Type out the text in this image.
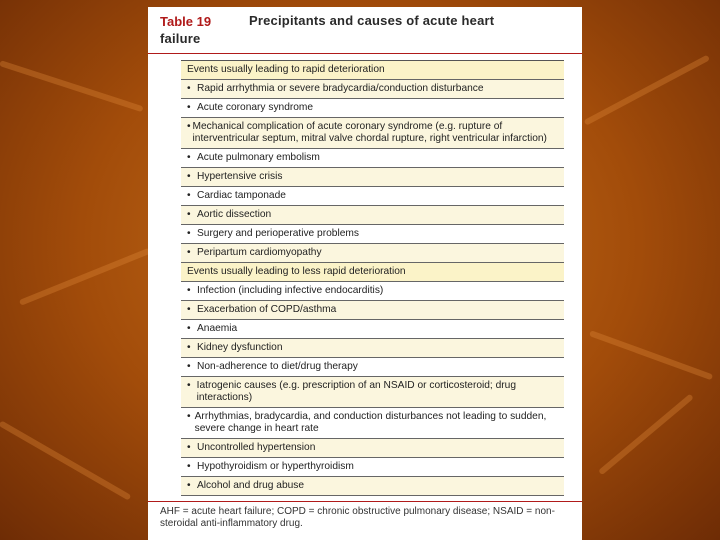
Table 19	Precipitants and causes of acute heart
failure
Events usually leading to rapid deterioration
• Rapid arrhythmia or severe bradycardia/conduction disturbance
• Acute coronary syndrome
• Mechanical complication of acute coronary syndrome (e.g. rupture of interventricular septum, mitral valve chordal rupture, right ventricular infarction)
• Acute pulmonary embolism
• Hypertensive crisis
• Cardiac tamponade
• Aortic dissection
• Surgery and perioperative problems
• Peripartum cardiomyopathy
Events usually leading to less rapid deterioration
• Infection (including infective endocarditis)
• Exacerbation of COPD/asthma
• Anaemia
• Kidney dysfunction
• Non-adherence to diet/drug therapy
• Iatrogenic causes (e.g. prescription of an NSAID or corticosteroid; drug interactions)
• Arrhythmias, bradycardia, and conduction disturbances not leading to sudden, severe change in heart rate
• Uncontrolled hypertension
• Hypothyroidism or hyperthyroidism
• Alcohol and drug abuse
AHF = acute heart failure; COPD = chronic obstructive pulmonary disease; NSAID = non-steroidal anti-inflammatory drug.
